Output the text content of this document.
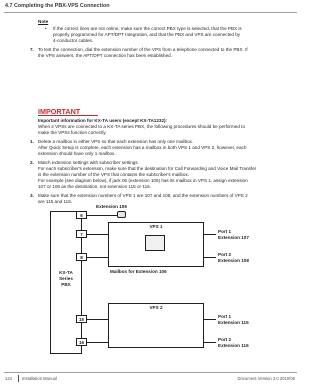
4.7 Completing the PBX-VPS Connection
Note
• If the correct lines are not online, make sure the correct PBX type is selected, that the PBX is
properly programmed for APT/DPT Integration, and that the PBX and VPS are connected by
4-conductor cables.
7. To test the connection, dial the extension number of the VPS from a telephone connected to the PBX. If
the VPS answers, the APT/DPT connection has been established.
IMPORTANT
Important information for KX-TA users (except KX-TA1232):
When 2 VPSs are connected to a KX-TA series PBX, the following procedures should be performed to
make the VPSs function correctly.
1. Delete a mailbox in either VPS so that each extension has only one mailbox.
After Quick Setup is complete, each extension has a mailbox in both VPS 1 and VPS 2, however, each
extension should have only 1 mailbox.
2. Match extension settings with subscriber settings.
For each subscriber's extension, make sure that the destination for Call Forwarding and Voice Mail Transfer
is the extension number of the VPS that contains the subscriber's mailbox.
For example (see diagram below), if jack 06 (extension 106) has its mailbox in VPS 1, assign extension
107 or 108 as the destination, not extension 115 or 116.
3. Make sure that the extension numbers of VPS 1 are 107 and 108, and the extension numbers of VPS 2
are 115 and 116.
KX-TA
Series
PBX
6
7
8
15
16
Extension 106
VPS 1
Mailbox for Extension 106
Port 1
Extension 107
Port 2
Extension 108
VPS 2
Port 1
Extension 115
Port 2
Extension 116
124 Installation Manual	Document Version 3.0 2010/06
